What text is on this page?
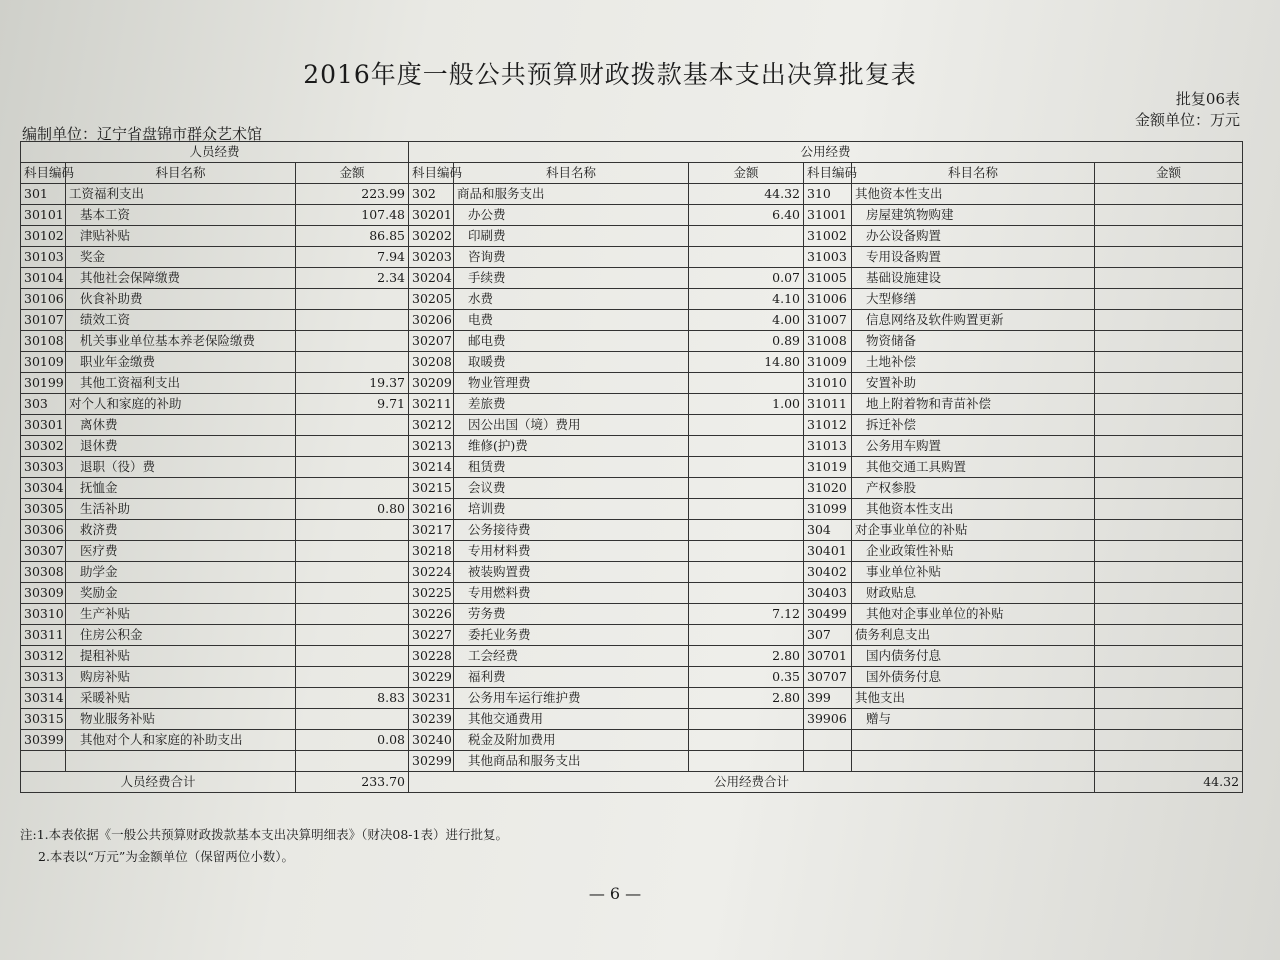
2016年度一般公共预算财政拨款基本支出决算批复表
批复06表
金额单位：万元
编制单位：辽宁省盘锦市群众艺术馆
人员经费			公用经费					
科目编码	科目名称	金额	科目编码	科目名称	金额	科目编码	科目名称	金额
301	工资福利支出	223.99	302	商品和服务支出	44.32	310	其他资本性支出	
30101	基本工资	107.48	30201	办公费	6.40	31001	房屋建筑物购建	
30102	津贴补贴	86.85	30202	印刷费		31002	办公设备购置	
30103	奖金	7.94	30203	咨询费		31003	专用设备购置	
30104	其他社会保障缴费	2.34	30204	手续费	0.07	31005	基础设施建设	
30106	伙食补助费		30205	水费	4.10	31006	大型修缮	
30107	绩效工资		30206	电费	4.00	31007	信息网络及软件购置更新	
30108	机关事业单位基本养老保险缴费		30207	邮电费	0.89	31008	物资储备	
30109	职业年金缴费		30208	取暖费	14.80	31009	土地补偿	
30199	其他工资福利支出	19.37	30209	物业管理费		31010	安置补助	
303	对个人和家庭的补助	9.71	30211	差旅费	1.00	31011	地上附着物和青苗补偿	
30301	离休费		30212	因公出国（境）费用		31012	拆迁补偿	
30302	退休费		30213	维修(护)费		31013	公务用车购置	
30303	退职（役）费		30214	租赁费		31019	其他交通工具购置	
30304	抚恤金		30215	会议费		31020	产权参股	
30305	生活补助	0.80	30216	培训费		31099	其他资本性支出	
30306	救济费		30217	公务接待费		304	对企事业单位的补贴	
30307	医疗费		30218	专用材料费		30401	企业政策性补贴	
30308	助学金		30224	被装购置费		30402	事业单位补贴	
30309	奖励金		30225	专用燃料费		30403	财政贴息	
30310	生产补贴		30226	劳务费	7.12	30499	其他对企事业单位的补贴	
30311	住房公积金		30227	委托业务费		307	债务利息支出	
30312	提租补贴		30228	工会经费	2.80	30701	国内债务付息	
30313	购房补贴		30229	福利费	0.35	30707	国外债务付息	
30314	采暖补贴	8.83	30231	公务用车运行维护费	2.80	399	其他支出	
30315	物业服务补贴		30239	其他交通费用		39906	赠与	
30399	其他对个人和家庭的补助支出	0.08	30240	税金及附加费用				
			30299	其他商品和服务支出				
人员经费合计		233.70	公用经费合计					44.32
注:1.本表依据《一般公共预算财政拨款基本支出决算明细表》（财决08-1表）进行批复。
2.本表以“万元”为金额单位（保留两位小数）。
— 6 —
